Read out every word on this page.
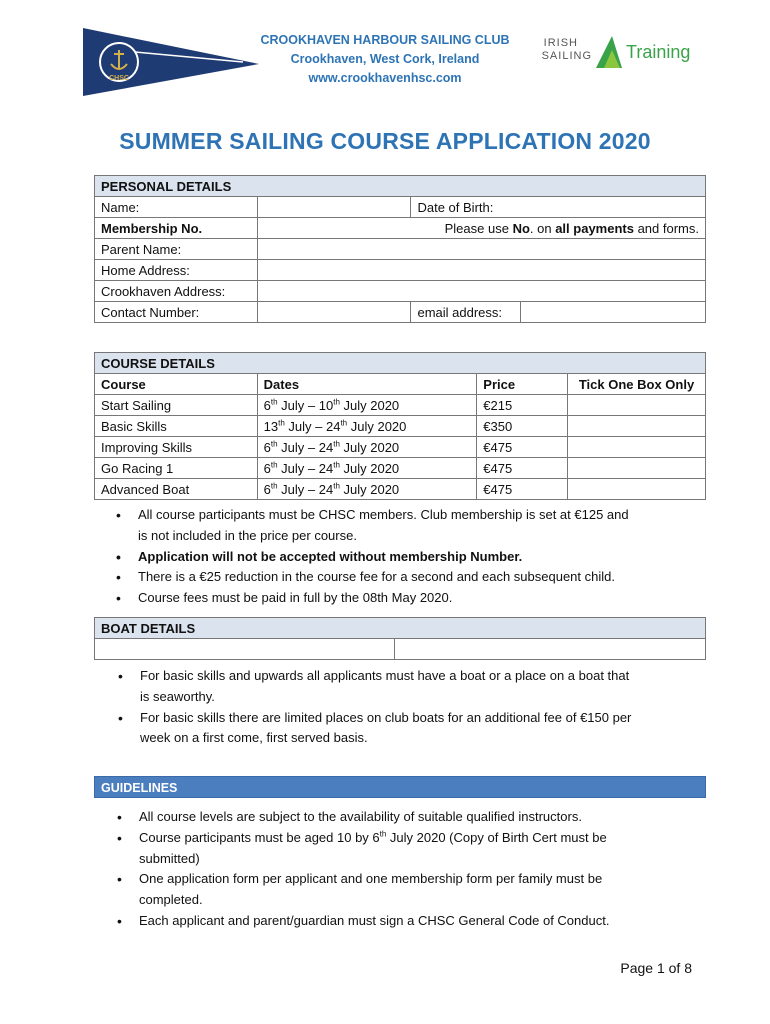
CHSC
CROOKHAVEN HARBOUR SAILING CLUB
Crookhaven, West Cork, Ireland
www.crookhavenhsc.com
IRISH
SAILING Training
SUMMER SAILING COURSE APPLICATION 2020
PERSONAL DETAILS			
Name:		Date of Birth:	
Membership No.	Please use No. on all payments and forms.		
Parent Name:			
Home Address:			
Crookhaven Address:			
Contact Number:		email address:	
COURSE DETAILS			
Course	Dates	Price	Tick One Box Only
Start Sailing	6th July – 10th July 2020	€215	
Basic Skills	13th July – 24th July 2020	€350	
Improving Skills	6th July – 24th July 2020	€475	
Go Racing 1	6th July – 24th July 2020	€475	
Advanced Boat	6th July – 24th July 2020	€475	
• All course participants must be CHSC members. Club membership is set at €125 and
is not included in the price per course.
• Application will not be accepted without membership Number.
• There is a €25 reduction in the course fee for a second and each subsequent child.
• Course fees must be paid in full by the 08th May 2020.
BOAT DETAILS

• For basic skills and upwards all applicants must have a boat or a place on a boat that
is seaworthy.
• For basic skills there are limited places on club boats for an additional fee of €150 per
week on a first come, first served basis.
GUIDELINES
• All course levels are subject to the availability of suitable qualified instructors.
• Course participants must be aged 10 by 6th July 2020 (Copy of Birth Cert must be
submitted)
• One application form per applicant and one membership form per family must be
completed.
• Each applicant and parent/guardian must sign a CHSC General Code of Conduct.
Page 1 of 8
